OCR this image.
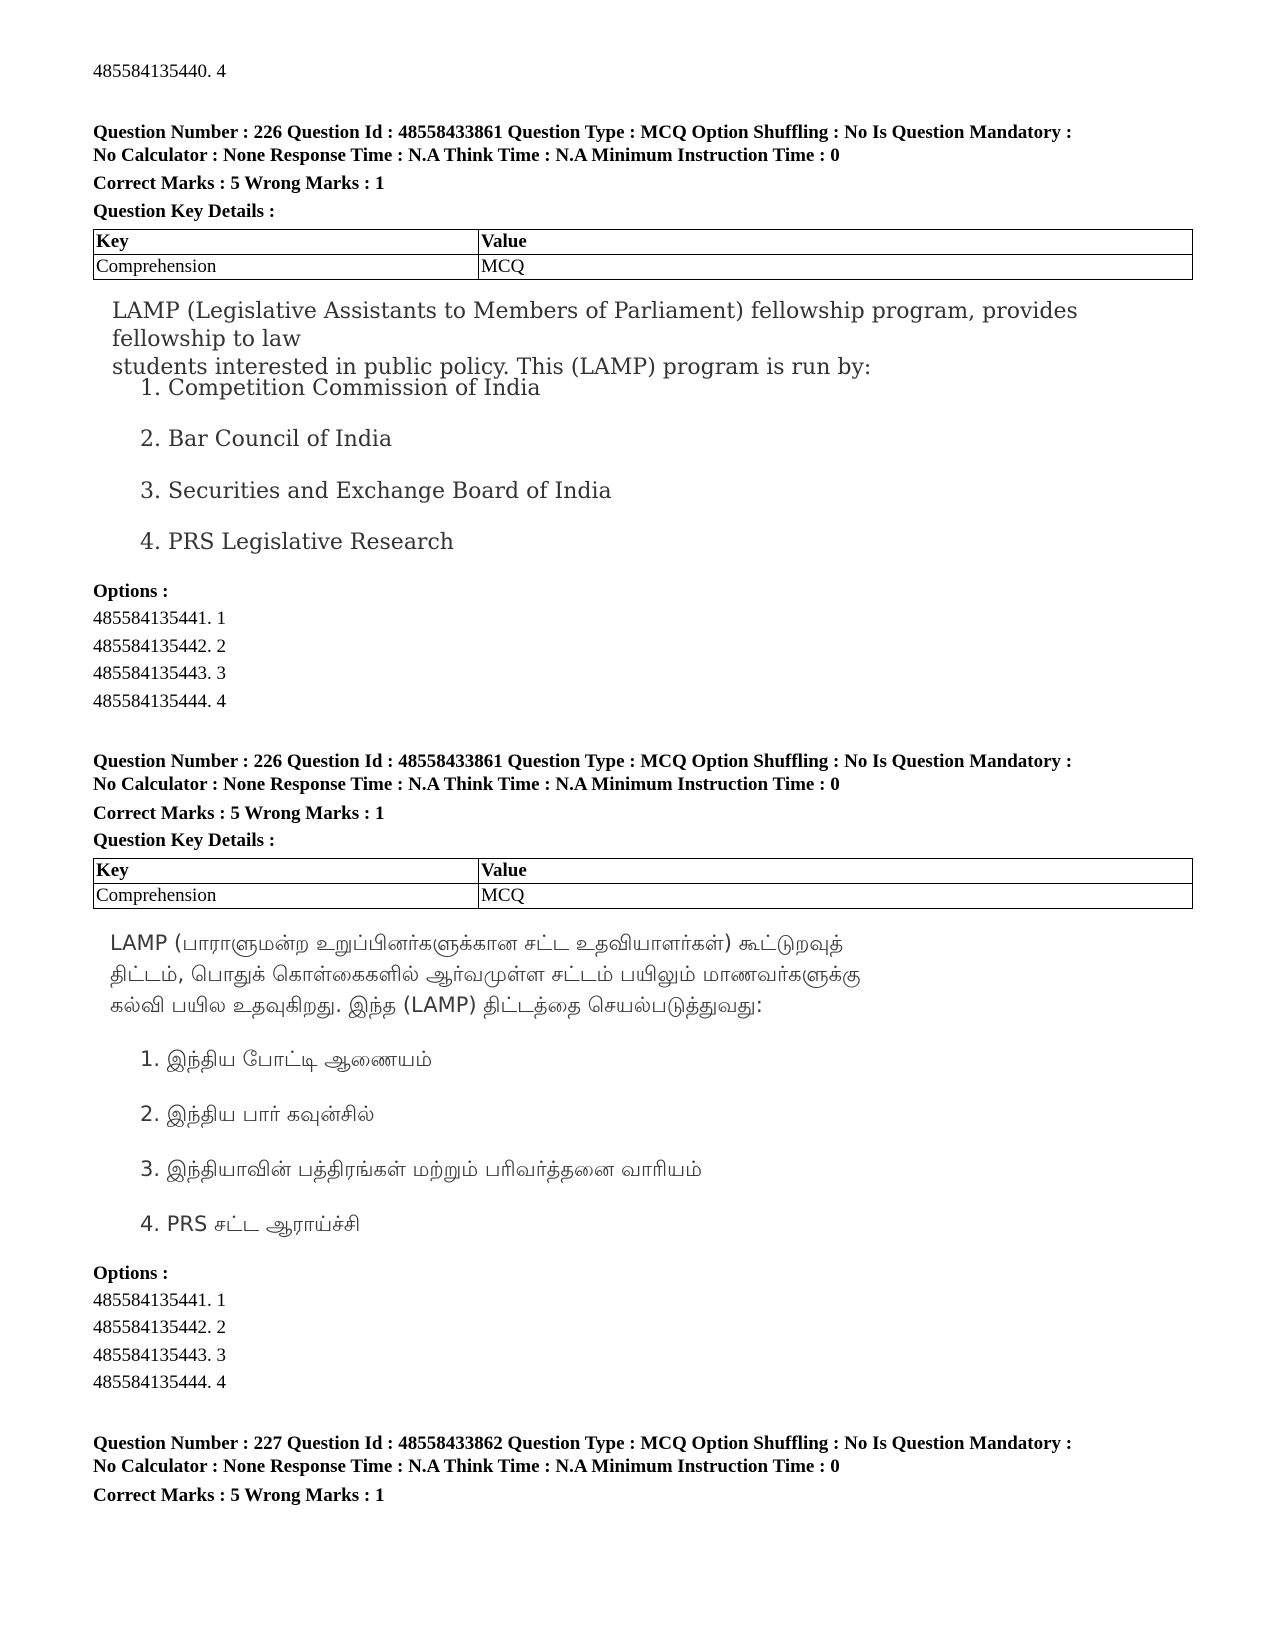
485584135440. 4
Question Number : 226 Question Id : 48558433861 Question Type : MCQ Option Shuffling : No Is Question Mandatory :
No Calculator : None Response Time : N.A Think Time : N.A Minimum Instruction Time : 0
Correct Marks : 5 Wrong Marks : 1
Question Key Details :
Key	Value
Comprehension	MCQ
LAMP (Legislative Assistants to Members of Parliament) fellowship program, provides fellowship to law
students interested in public policy. This (LAMP) program is run by:
1. Competition Commission of India
2. Bar Council of India
3. Securities and Exchange Board of India
4. PRS Legislative Research
Options :
485584135441. 1
485584135442. 2
485584135443. 3
485584135444. 4
Question Number : 226 Question Id : 48558433861 Question Type : MCQ Option Shuffling : No Is Question Mandatory :
No Calculator : None Response Time : N.A Think Time : N.A Minimum Instruction Time : 0
Correct Marks : 5 Wrong Marks : 1
Question Key Details :
Key	Value
Comprehension	MCQ
LAMP (பாராளுமன்ற உறுப்பினர்களுக்கான சட்ட உதவியாளர்கள்) கூட்டுறவுத்
திட்டம், பொதுக் கொள்கைகளில் ஆர்வமுள்ள சட்டம் பயிலும் மாணவர்களுக்கு
கல்வி பயில உதவுகிறது. இந்த (LAMP) திட்டத்தை செயல்படுத்துவது:
1. இந்திய போட்டி ஆணையம்
2. இந்திய பார் கவுன்சில்
3. இந்தியாவின் பத்திரங்கள் மற்றும் பரிவர்த்தனை வாரியம்
4. PRS சட்ட ஆராய்ச்சி
Options :
485584135441. 1
485584135442. 2
485584135443. 3
485584135444. 4
Question Number : 227 Question Id : 48558433862 Question Type : MCQ Option Shuffling : No Is Question Mandatory :
No Calculator : None Response Time : N.A Think Time : N.A Minimum Instruction Time : 0
Correct Marks : 5 Wrong Marks : 1
